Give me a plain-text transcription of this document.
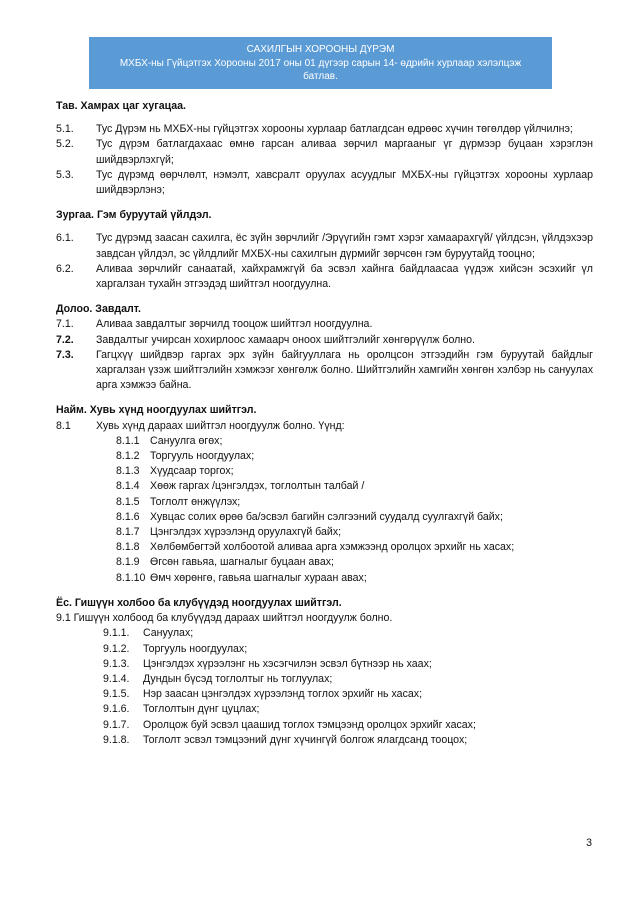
САХИЛГЫН ХОРООНЫ ДҮРЭМ
МХБХ-ны Гүйцэтгэх Хорооны 2017 оны 01 дүгээр сарын 14- өдрийн хурлаар хэлэлцэж
батлав.

Тав. Хамрах цаг хугацаа.

5.1.	Тус Дүрэм нь МХБХ-ны гүйцэтгэх хорооны хурлаар батлагдсан өдрөөс хүчин төгөлдөр үйлчилнэ;
5.2.	Тус дүрэм батлагдахаас өмнө гарсан аливаа зөрчил маргааныг үг дүрмээр буцаан хэрэглэн шийдвэрлэхгүй;
5.3.	Тус дүрэмд өөрчлөлт, нэмэлт, хавсралт оруулах асуудлыг МХБХ-ны гүйцэтгэх хорооны хурлаар шийдвэрлэнэ;

Зургаа. Гэм буруутай үйлдэл.

6.1.	Тус дүрэмд заасан сахилга, ёс зүйн зөрчлийг /Эрүүгийн гэмт хэрэг хамаарахгүй/ үйлдсэн, үйлдэхээр завдсан үйлдэл, эс үйлдлийг МХБХ-ны сахилгын дүрмийг зөрчсөн гэм буруутайд тооцно;
6.2.	Аливаа зөрчлийг санаатай, хайхрамжгүй ба эсвэл хайнга байдлаасаа үүдэж хийсэн эсэхийг үл харгалзан тухайн этгээдэд шийтгэл ноогдуулна.

Долоо. Завдалт.

7.1.	Аливаа завдалтыг зөрчилд тооцож шийтгэл ноогдуулна.
7.2.	Завдалтыг учирсан хохирлоос хамаарч оноох шийтгэлийг хөнгөрүүлж болно.
7.3.	Гагцхүү шийдвэр гаргах эрх зүйн байгууллага нь оролцсон этгээдийн гэм буруутай байдлыг харгалзан үзэж шийтгэлийн хэмжээг хөнгөлж болно. Шийтгэлийн хамгийн хөнгөн хэлбэр нь сануулах арга хэмжээ байна.

Найм. Хувь хүнд ноогдуулах шийтгэл.

8.1	Хувь хүнд дараах шийтгэл ноогдуулж болно. Үүнд:
8.1.1 Сануулга өгөх;
8.1.2 Торгууль ноогдуулах;
8.1.3 Хүудсаар торгох;
8.1.4 Хөөж гаргах /цэнгэлдэх, тоглолтын талбай /
8.1.5 Тоглолт өнжүүлэх;
8.1.6 Хувцас солих өрөө ба/эсвэл багийн сэлгээний суудалд суулгахгүй байх;
8.1.7 Цэнгэлдэх хүрээлэнд оруулахгүй байх;
8.1.8 Хөлбөмбөгтэй холбоотой аливаа арга хэмжээнд оролцох эрхийг нь хасах;
8.1.9 Өгсөн гавьяа, шагналыг буцаан авах;
8.1.10 Өмч хөрөнгө, гавьяа шагналыг хураан авах;

Ёс. Гишүүн холбоо ба клубүүдэд ноогдуулах шийтгэл.

9.1 Гишүүн холбоод ба клубүүдэд дараах шийтгэл ноогдуулж болно.

9.1.1.	Сануулах;
9.1.2.	Торгууль ноогдуулах;
9.1.3.	Цэнгэлдэх хүрээлэнг нь хэсэгчилэн эсвэл бүтнээр нь хаах;
9.1.4.	Дундын бүсэд тоглолтыг нь тоглуулах;
9.1.5.	Нэр заасан цэнгэлдэх хүрээлэнд тоглох эрхийг нь хасах;
9.1.6.	Тоглолтын дүнг цуцлах;
9.1.7.	Оролцож буй эсвэл цаашид тоглох тэмцээнд оролцох эрхийг хасах;
9.1.8.	Тоглолт эсвэл тэмцээний дүнг хүчингүй болгож ялагдсанд тооцох;
3
